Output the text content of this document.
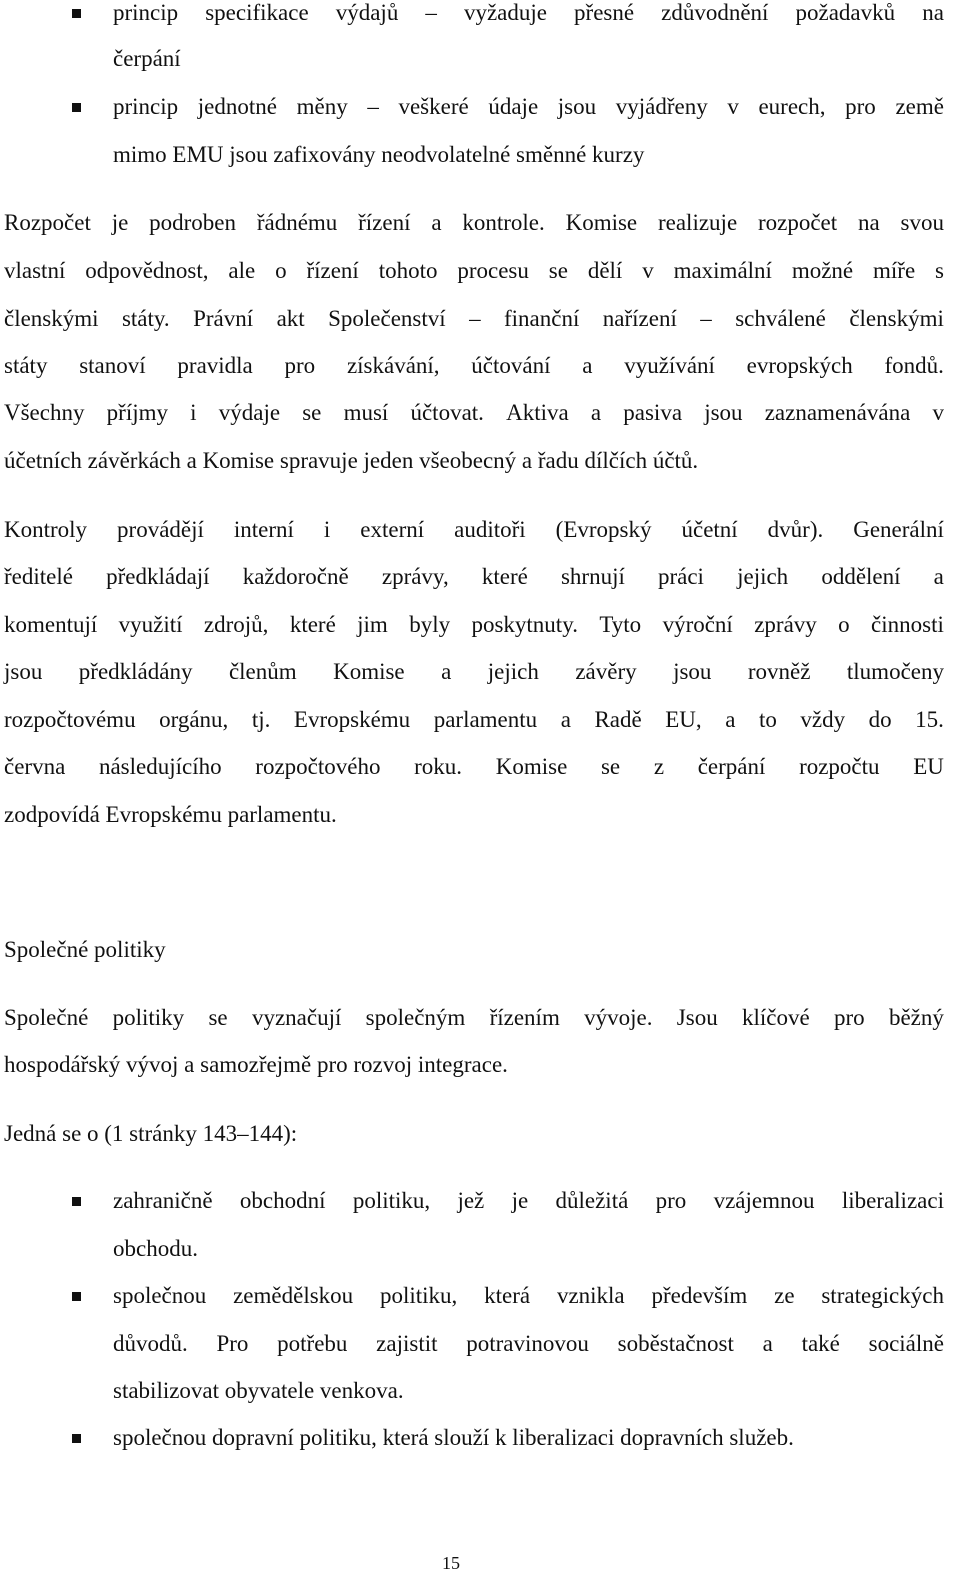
princip specifikace výdajů – vyžaduje přesné zdůvodnění požadavků na
čerpání
princip jednotné měny – veškeré údaje jsou vyjádřeny v eurech, pro země
mimo EMU jsou zafixovány neodvolatelné směnné kurzy
Rozpočet je podroben řádnému řízení a kontrole. Komise realizuje rozpočet na svou
vlastní odpovědnost, ale o řízení tohoto procesu se dělí v maximální možné míře s
členskými státy. Právní akt Společenství – finanční nařízení – schválené členskými
státy stanoví pravidla pro získávání, účtování a využívání evropských fondů.
Všechny příjmy i výdaje se musí účtovat. Aktiva a pasiva jsou zaznamenávána v
účetních závěrkách a Komise spravuje jeden všeobecný a řadu dílčích účtů.
Kontroly provádějí interní i externí auditoři (Evropský účetní dvůr). Generální
ředitelé předkládají každoročně zprávy, které shrnují práci jejich oddělení a
komentují využití zdrojů, které jim byly poskytnuty. Tyto výroční zprávy o činnosti
jsou předkládány členům Komise a jejich závěry jsou rovněž tlumočeny
rozpočtovému orgánu, tj. Evropskému parlamentu a Radě EU, a to vždy do 15.
června následujícího rozpočtového roku. Komise se z čerpání rozpočtu EU
zodpovídá Evropskému parlamentu.
Společné politiky
Společné politiky se vyznačují společným řízením vývoje. Jsou klíčové pro běžný
hospodářský vývoj a samozřejmě pro rozvoj integrace.
Jedná se o (1 stránky 143–144):
zahraničně obchodní politiku, jež je důležitá pro vzájemnou liberalizaci
obchodu.
společnou zemědělskou politiku, která vznikla především ze strategických
důvodů. Pro potřebu zajistit potravinovou soběstačnost a také sociálně
stabilizovat obyvatele venkova.
společnou dopravní politiku, která slouží k liberalizaci dopravních služeb.
15
